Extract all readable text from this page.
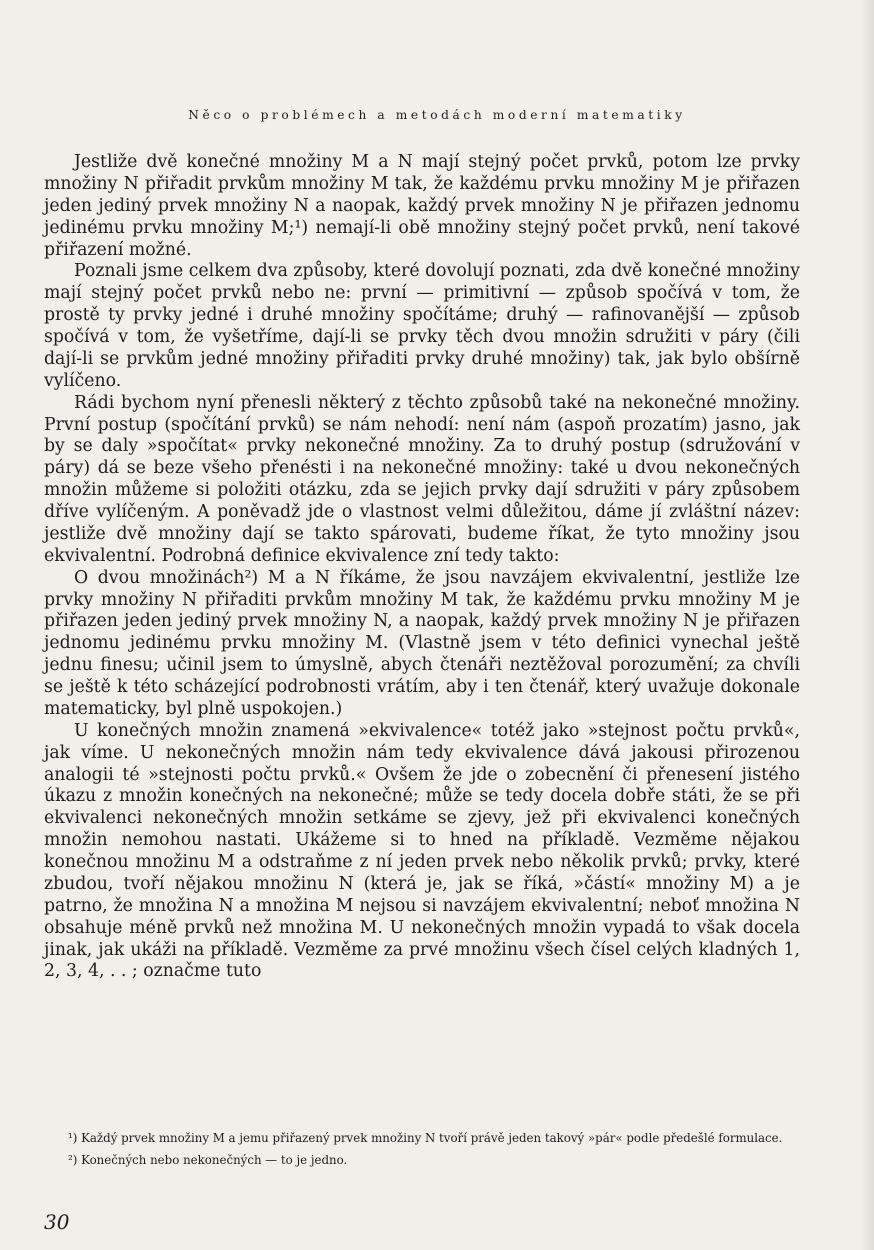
Něco o problémech a metodách moderní matematiky

Jestliže dvě konečné množiny M a N mají stejný počet prvků, potom lze prvky množiny N přiřadit prvkům množiny M tak, že každému prvku množiny M je přiřazen jeden jediný prvek množiny N a naopak, každý prvek množiny N je přiřazen jednomu jedinému prvku množiny M;¹) nemají-li obě množiny stejný počet prvků, není takové přiřazení možné.

Poznali jsme celkem dva způsoby, které dovolují poznati, zda dvě konečné množiny mají stejný počet prvků nebo ne: první — primitivní — způsob spočívá v tom, že prostě ty prvky jedné i druhé množiny spočítáme; druhý — rafinovanější — způsob spočívá v tom, že vyšetříme, dají-li se prvky těch dvou množin sdružiti v páry (čili dají-li se prvkům jedné množiny přiřaditi prvky druhé množiny) tak, jak bylo obšírně vylíčeno.

Rádi bychom nyní přenesli některý z těchto způsobů také na nekonečné množiny. První postup (spočítání prvků) se nám nehodí: není nám (aspoň prozatím) jasno, jak by se daly »spočítat« prvky nekonečné množiny. Za to druhý postup (sdružování v páry) dá se beze všeho přenésti i na nekonečné množiny: také u dvou nekonečných množin můžeme si položiti otázku, zda se jejich prvky dají sdružiti v páry způsobem dříve vylíčeným. A poněvadž jde o vlastnost velmi důležitou, dáme jí zvláštní název: jestliže dvě množiny dají se takto spárovati, budeme říkat, že tyto množiny jsou ekvivalentní. Podrobná definice ekvivalence zní tedy takto:

O dvou množinách²) M a N říkáme, že jsou navzájem ekvivalentní, jestliže lze prvky množiny N přiřaditi prvkům množiny M tak, že každému prvku množiny M je přiřazen jeden jediný prvek množiny N, a naopak, každý prvek množiny N je přiřazen jednomu jedinému prvku množiny M. (Vlastně jsem v této definici vynechal ještě jednu finesu; učinil jsem to úmyslně, abych čtenáři neztěžoval porozumění; za chvíli se ještě k této scházející podrobnosti vrátím, aby i ten čtenář, který uvažuje dokonale matematicky, byl plně uspokojen.)

U konečných množin znamená »ekvivalence« totéž jako »stejnost počtu prvků«, jak víme. U nekonečných množin nám tedy ekvivalence dává jakousi přirozenou analogii té »stejnosti počtu prvků.« Ovšem že jde o zobecnění či přenesení jistého úkazu z množin konečných na nekonečné; může se tedy docela dobře státi, že se při ekvivalenci nekonečných množin setkáme se zjevy, jež při ekvivalenci konečných množin nemohou nastati. Ukážeme si to hned na příkladě. Vezměme nějakou konečnou množinu M a odstraňme z ní jeden prvek nebo několik prvků; prvky, které zbudou, tvoří nějakou množinu N (která je, jak se říká, »částí« množiny M) a je patrno, že množina N a množina M nejsou si navzájem ekvivalentní; neboť množina N obsahuje méně prvků než množina M. U nekonečných množin vypadá to však docela jinak, jak ukáži na příkladě. Vezměme za prvé množinu všech čísel celých kladných 1, 2, 3, 4, . . ; označme tuto

¹) Každý prvek množiny M a jemu přiřazený prvek množiny N tvoří právě jeden takový »pár« podle předešlé formulace.

²) Konečných nebo nekonečných — to je jedno.

30
